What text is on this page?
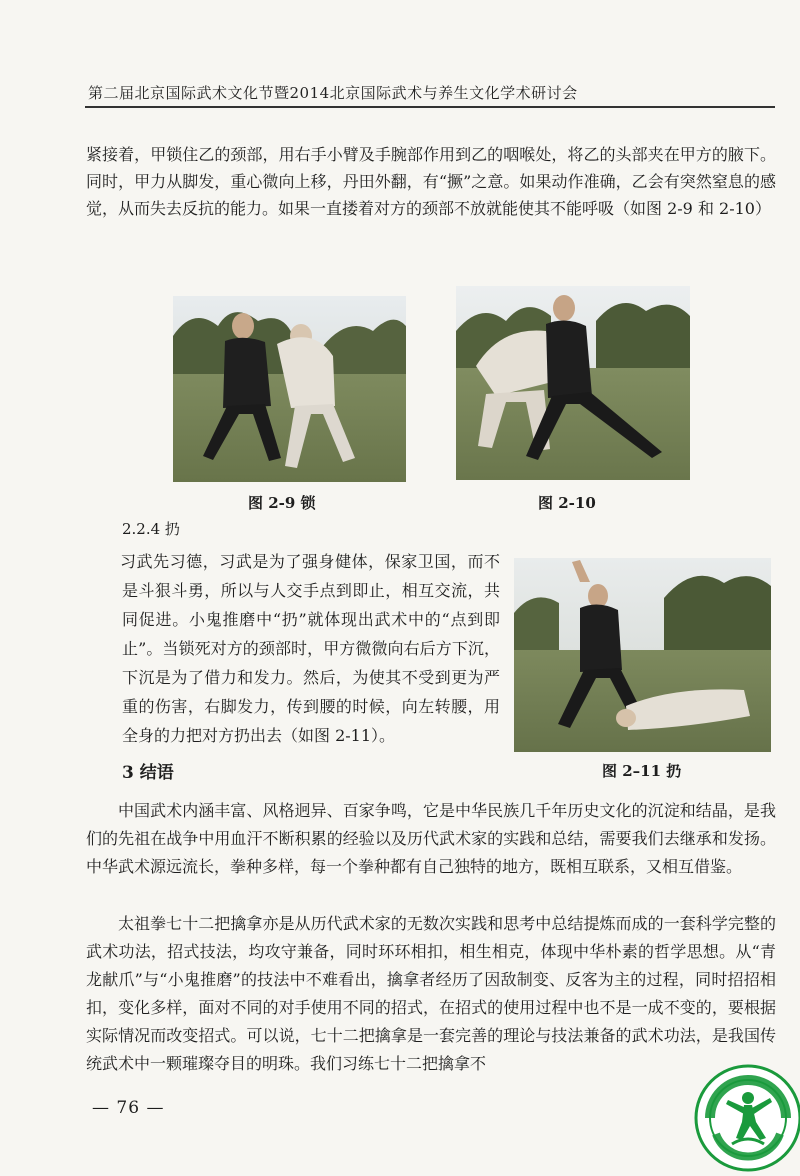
第二届北京国际武术文化节暨2014北京国际武术与养生文化学术研讨会

紧接着，甲锁住乙的颈部，用右手小臂及手腕部作用到乙的咽喉处，将乙的头部夹在甲方的腋下。同时，甲力从脚发，重心微向上移，丹田外翻，有“撅”之意。如果动作准确，乙会有突然窒息的感觉，从而失去反抗的能力。如果一直搂着对方的颈部不放就能使其不能呼吸（如图 2-9 和 2-10）

图 2-9 锁	图 2-10
2.2.4 扔

习武先习德，习武是为了强身健体，保家卫国，而不是斗狠斗勇，所以与人交手点到即止，相互交流，共同促进。小鬼推磨中“扔”就体现出武术中的“点到即止”。当锁死对方的颈部时，甲方微微向右后方下沉，下沉是为了借力和发力。然后，为使其不受到更为严重的伤害，右脚发力，传到腰的时候，向左转腰，用全身的力把对方扔出去（如图 2-11）。

图 2–11 扔
3 结语

中国武术内涵丰富、风格迥异、百家争鸣，它是中华民族几千年历史文化的沉淀和结晶，是我们的先祖在战争中用血汗不断积累的经验以及历代武术家的实践和总结，需要我们去继承和发扬。中华武术源远流长，拳种多样，每一个拳种都有自己独特的地方，既相互联系，又相互借鉴。

太祖拳七十二把擒拿亦是从历代武术家的无数次实践和思考中总结提炼而成的一套科学完整的武术功法，招式技法，均攻守兼备，同时环环相扣，相生相克，体现中华朴素的哲学思想。从“青龙献爪”与“小鬼推磨”的技法中不难看出，擒拿者经历了因敌制变、反客为主的过程，同时招招相扣，变化多样，面对不同的对手使用不同的招式，在招式的使用过程中也不是一成不变的，要根据实际情况而改变招式。可以说，七十二把擒拿是一套完善的理论与技法兼备的武术功法，是我国传统武术中一颗璀璨夺目的明珠。我们习练七十二把擒拿不

— 76 —
